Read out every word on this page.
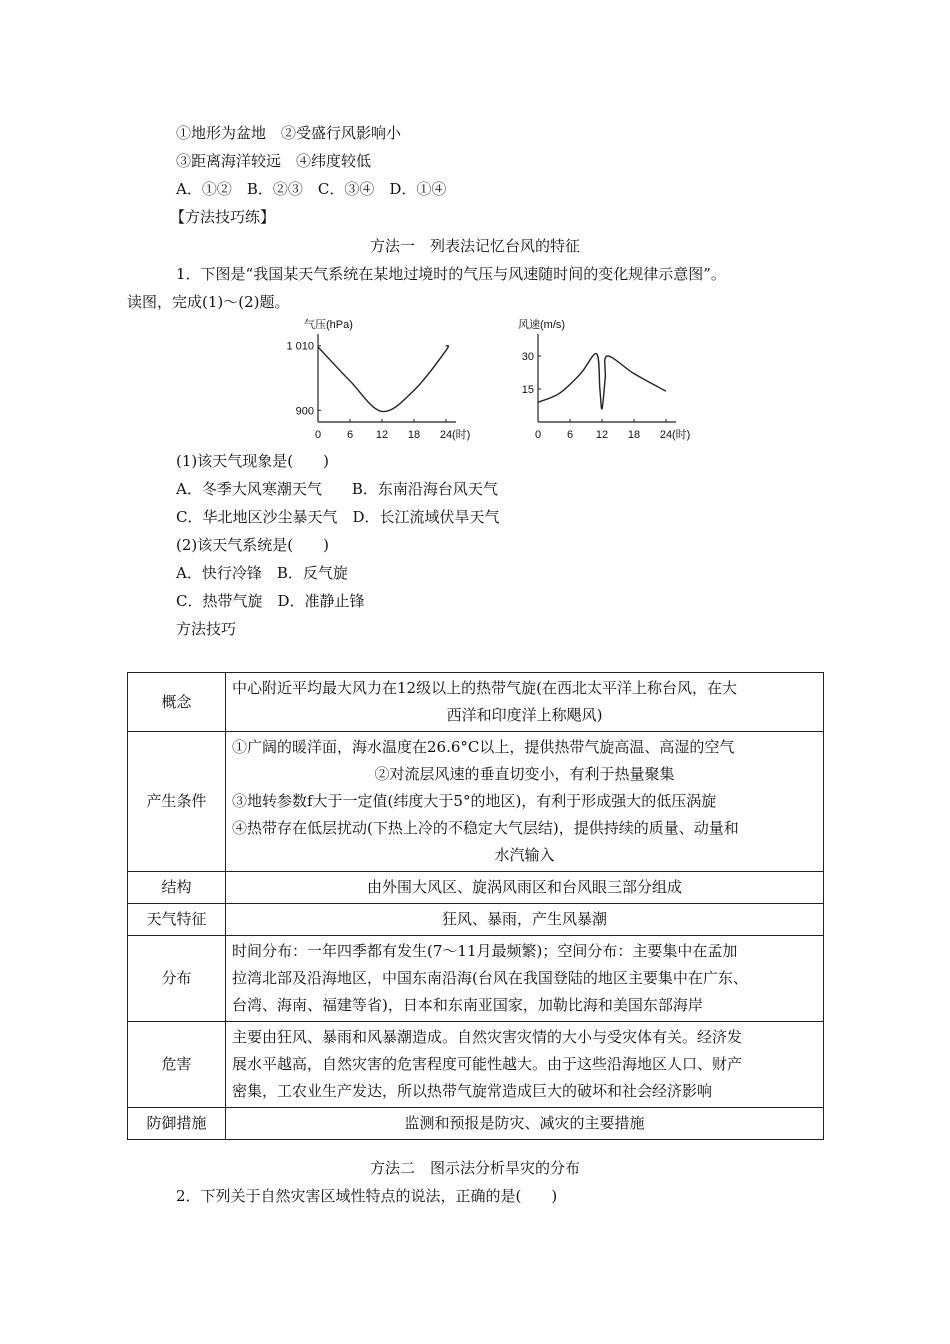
①地形为盆地　②受盛行风影响小
③距离海洋较远　④纬度较低
A．①②　B．②③　C．③④　D．①④
【方法技巧练】
方法一　列表法记忆台风的特征
1．下图是“我国某天气系统在某地过境时的气压与风速随时间的变化规律示意图”。
读图，完成(1)～(2)题。
气压(hPa)
(时)
0 6 12 18 24
1 010
900
风速(m/s)
(时)
0 6 12 18 24
30
15
(1)该天气现象是(　　)
A．冬季大风寒潮天气　　B．东南沿海台风天气
C．华北地区沙尘暴天气　D．长江流域伏旱天气
(2)该天气系统是(　　)
A．快行冷锋　B．反气旋
C．热带气旋　D．准静止锋
方法技巧
概念	中心附近平均最大风力在12级以上的热带气旋(在西北太平洋上称台风，在大
西洋和印度洋上称飓风)

产生条件	①广阔的暖洋面，海水温度在26.6°C以上，提供热带气旋高温、高湿的空气
②对流层风速的垂直切变小，有利于热量聚集
③地转参数f大于一定值(纬度大于5°的地区)，有利于形成强大的低压涡旋
④热带存在低层扰动(下热上冷的不稳定大气层结)，提供持续的质量、动量和
水汽输入

结构	由外围大风区、旋涡风雨区和台风眼三部分组成

天气特征	狂风、暴雨，产生风暴潮

分布	时间分布：一年四季都有发生(7～11月最频繁)；空间分布：主要集中在孟加
拉湾北部及沿海地区，中国东南沿海(台风在我国登陆的地区主要集中在广东、
台湾、海南、福建等省)，日本和东南亚国家，加勒比海和美国东部海岸

危害	主要由狂风、暴雨和风暴潮造成。自然灾害灾情的大小与受灾体有关。经济发
展水平越高，自然灾害的危害程度可能性越大。由于这些沿海地区人口、财产
密集，工农业生产发达，所以热带气旋常造成巨大的破坏和社会经济影响

防御措施	监测和预报是防灾、减灾的主要措施
方法二　图示法分析旱灾的分布
2．下列关于自然灾害区域性特点的说法，正确的是(　　)
